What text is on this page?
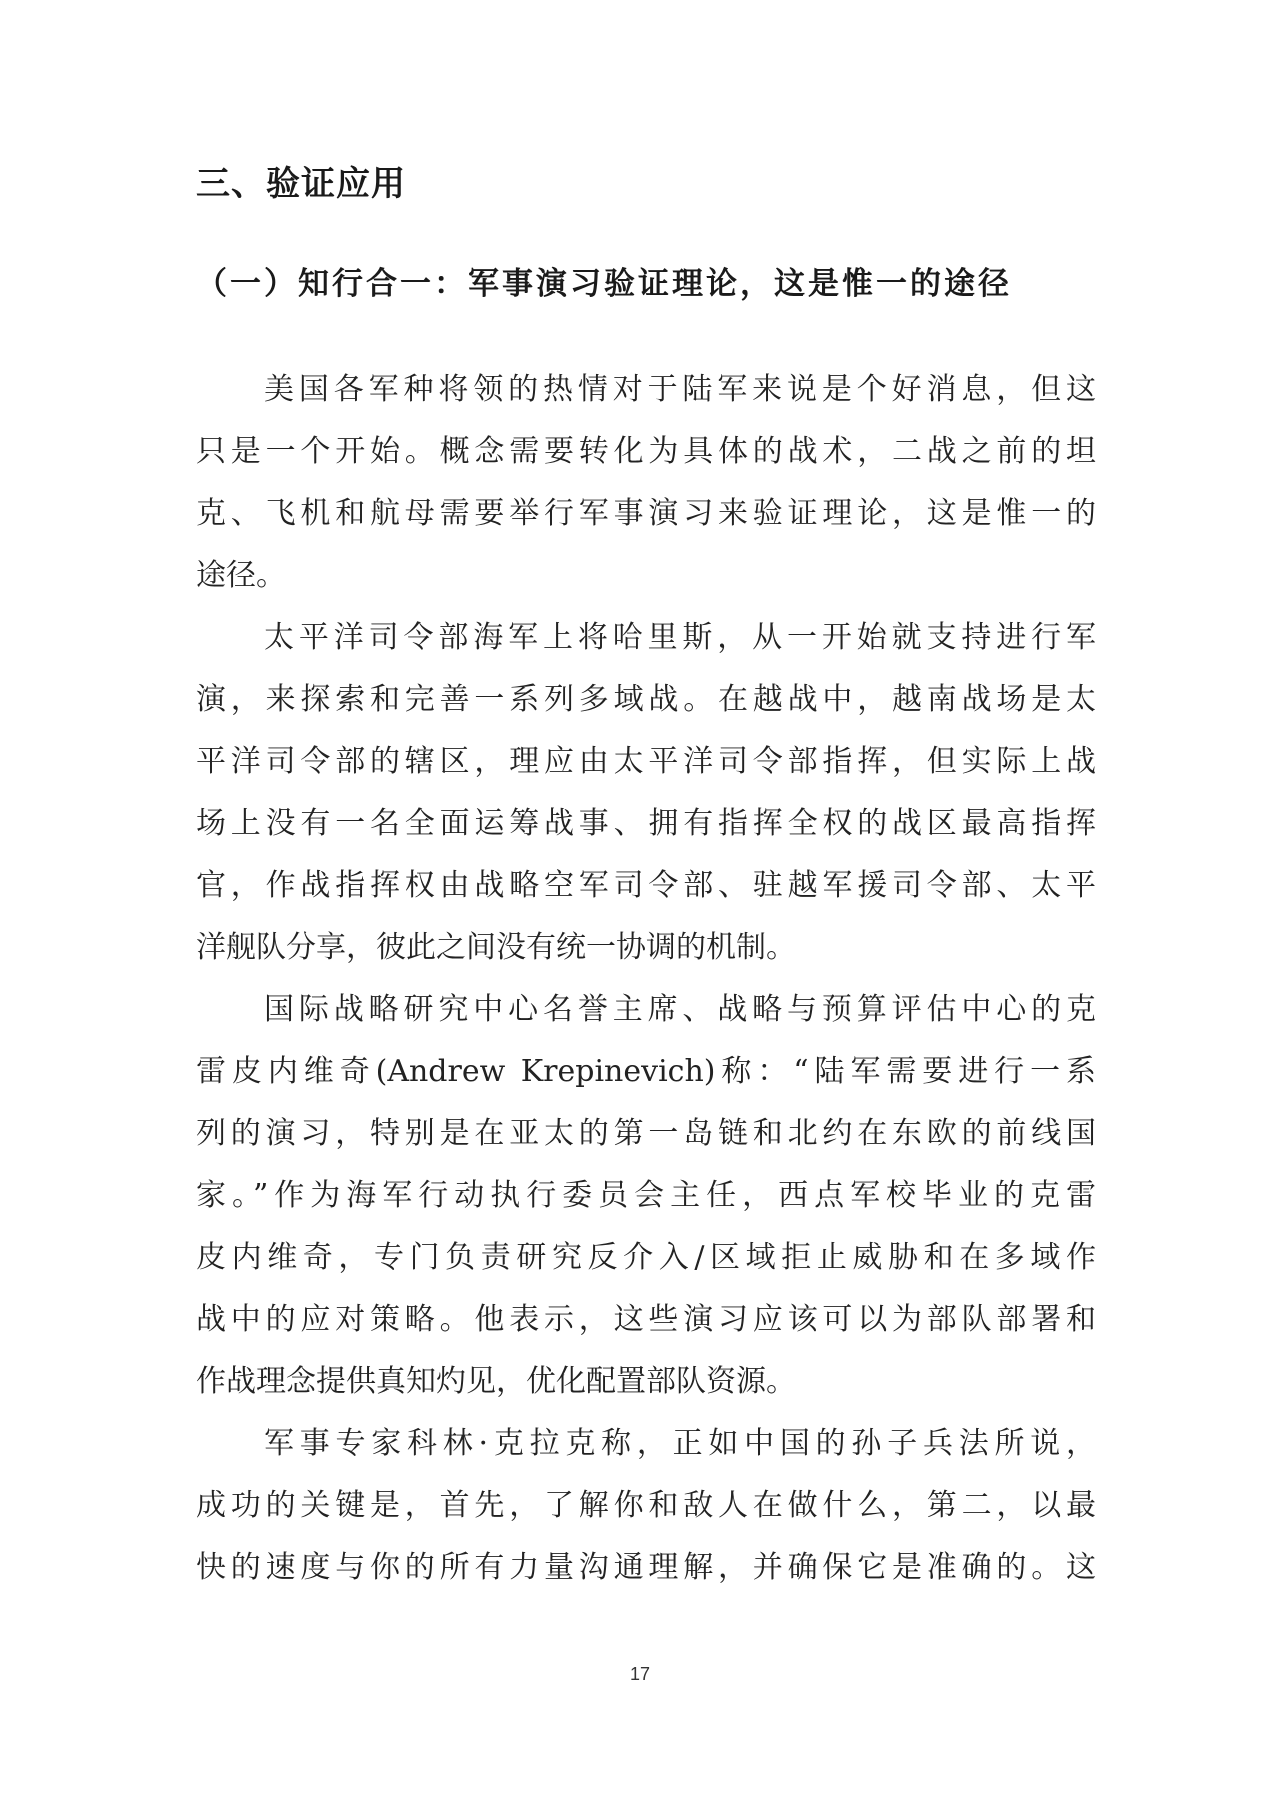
三、验证应用
（一）知行合一：军事演习验证理论，这是惟一的途径
美国各军种将领的热情对于陆军来说是个好消息，但这
只是一个开始。概念需要转化为具体的战术，二战之前的坦
克、飞机和航母需要举行军事演习来验证理论，这是惟一的
途径。
太平洋司令部海军上将哈里斯，从一开始就支持进行军
演，来探索和完善一系列多域战。在越战中，越南战场是太
平洋司令部的辖区，理应由太平洋司令部指挥，但实际上战
场上没有一名全面运筹战事、拥有指挥全权的战区最高指挥
官，作战指挥权由战略空军司令部、驻越军援司令部、太平
洋舰队分享，彼此之间没有统一协调的机制。
国际战略研究中心名誉主席、战略与预算评估中心的克
雷皮内维奇(Andrew Krepinevich)称：“陆军需要进行一系
列的演习，特别是在亚太的第一岛链和北约在东欧的前线国
家。”作为海军行动执行委员会主任，西点军校毕业的克雷
皮内维奇，专门负责研究反介入/区域拒止威胁和在多域作
战中的应对策略。他表示，这些演习应该可以为部队部署和
作战理念提供真知灼见，优化配置部队资源。
军事专家科林·克拉克称，正如中国的孙子兵法所说，
成功的关键是，首先，了解你和敌人在做什么，第二，以最
快的速度与你的所有力量沟通理解，并确保它是准确的。这
17
